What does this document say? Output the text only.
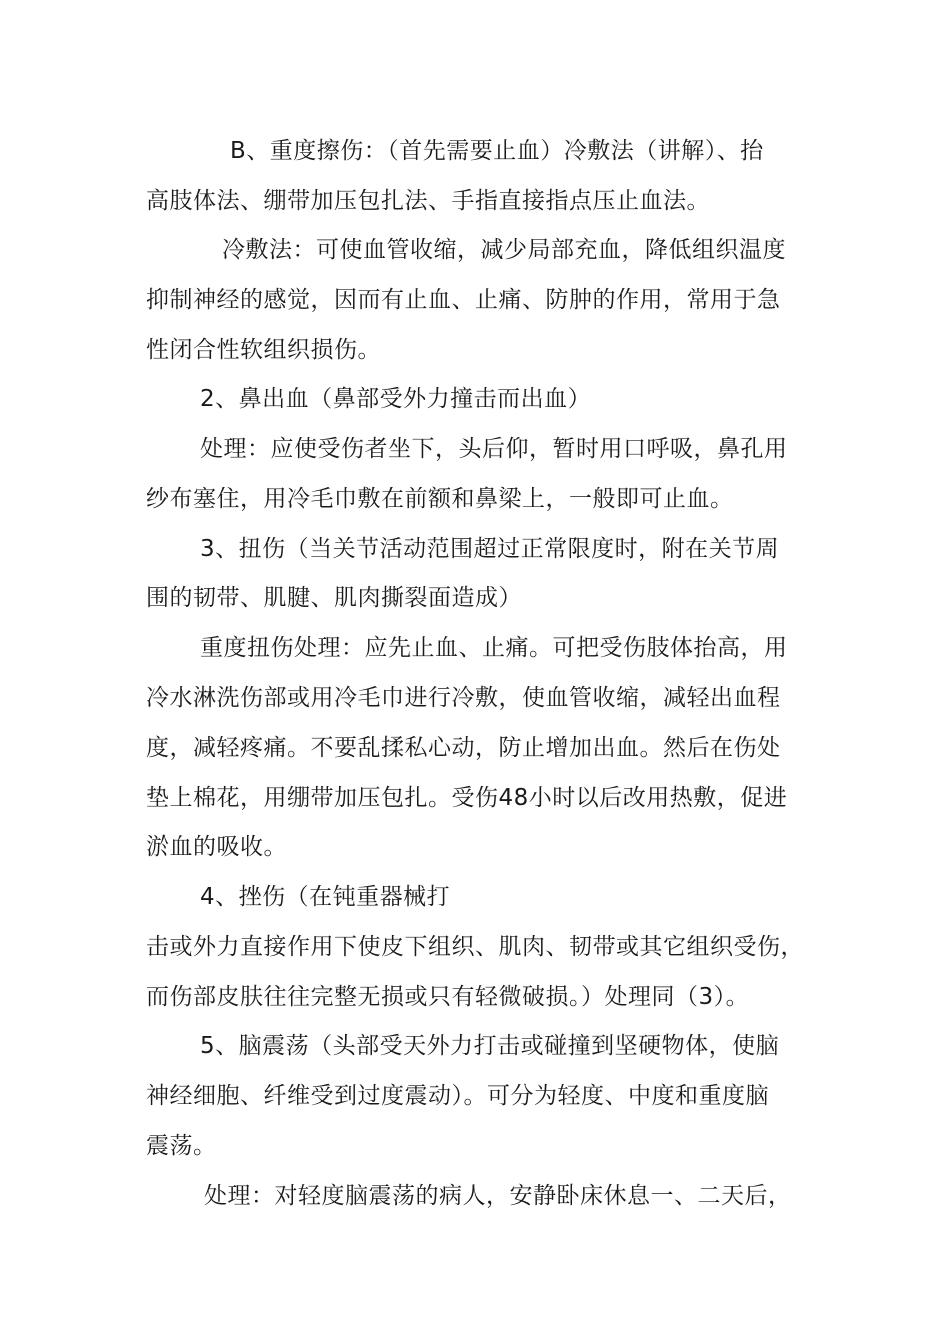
B、重度擦伤：（首先需要止血）冷敷法（讲解）、抬
高肢体法、绷带加压包扎法、手指直接指点压止血法。
冷敷法：可使血管收缩，减少局部充血，降低组织温度
抑制神经的感觉，因而有止血、止痛、防肿的作用，常用于急
性闭合性软组织损伤。
2、鼻出血（鼻部受外力撞击而出血）
处理：应使受伤者坐下，头后仰，暂时用口呼吸，鼻孔用
纱布塞住，用冷毛巾敷在前额和鼻梁上，一般即可止血。
3、扭伤（当关节活动范围超过正常限度时，附在关节周
围的韧带、肌腱、肌肉撕裂面造成）
重度扭伤处理：应先止血、止痛。可把受伤肢体抬高，用
冷水淋洗伤部或用冷毛巾进行冷敷，使血管收缩，减轻出血程
度，减轻疼痛。不要乱揉私心动，防止增加出血。然后在伤处
垫上棉花，用绷带加压包扎。受伤48小时以后改用热敷，促进
淤血的吸收。
4、挫伤（在钝重器械打
击或外力直接作用下使皮下组织、肌肉、韧带或其它组织受伤，
而伤部皮肤往往完整无损或只有轻微破损。）处理同（3）。
5、脑震荡（头部受天外力打击或碰撞到坚硬物体，使脑
神经细胞、纤维受到过度震动）。可分为轻度、中度和重度脑
震荡。
处理：对轻度脑震荡的病人，安静卧床休息一、二天后，
